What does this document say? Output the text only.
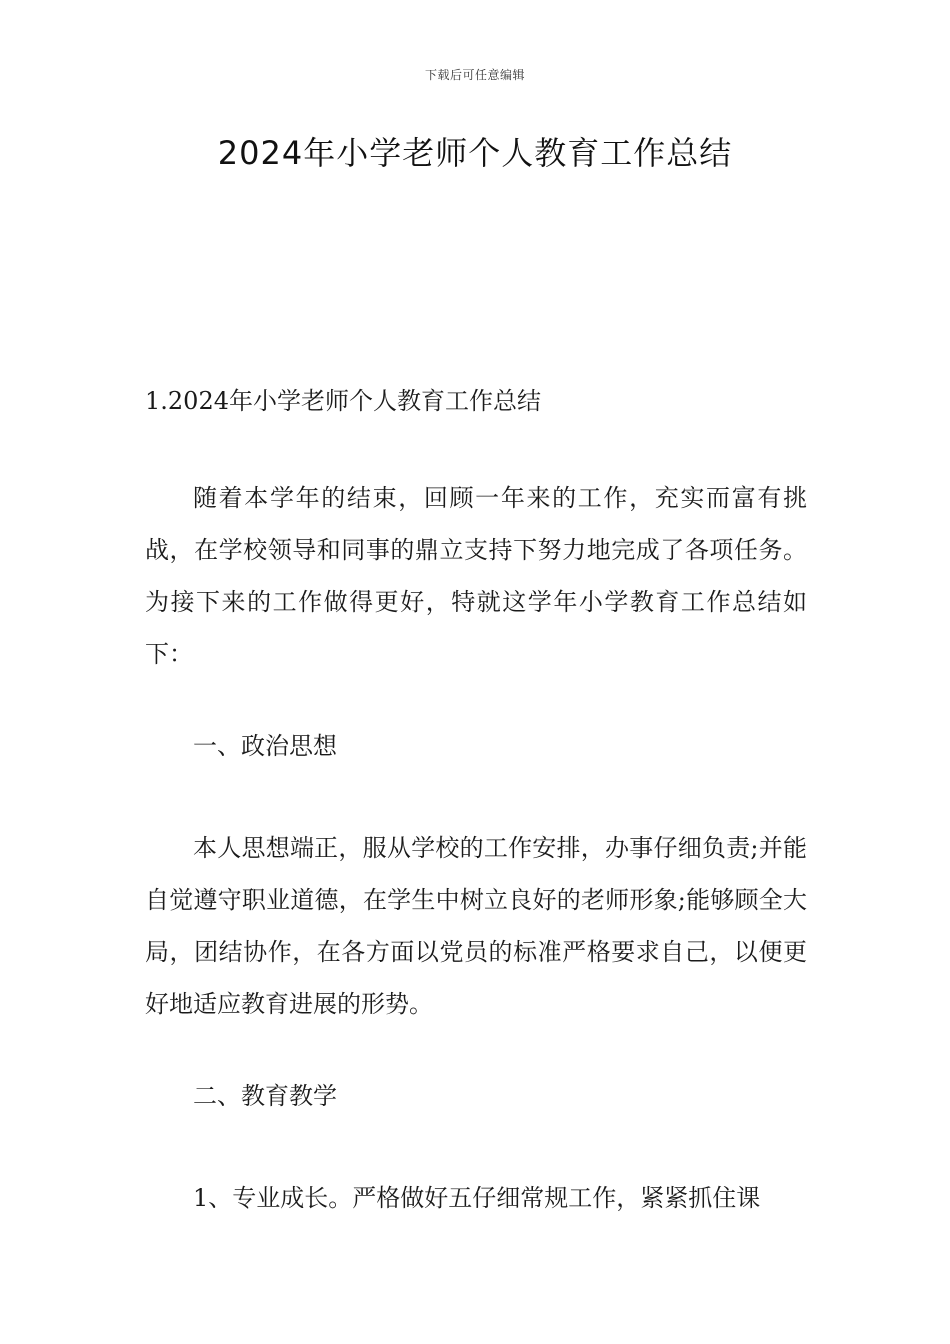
下载后可任意编辑
2024年小学老师个人教育工作总结

1.2024年小学老师个人教育工作总结

随着本学年的结束，回顾一年来的工作，充实而富有挑战，在学校领导和同事的鼎立支持下努力地完成了各项任务。为接下来的工作做得更好，特就这学年小学教育工作总结如下：

一、政治思想

本人思想端正，服从学校的工作安排，办事仔细负责;并能自觉遵守职业道德，在学生中树立良好的老师形象;能够顾全大局，团结协作，在各方面以党员的标准严格要求自己，以便更好地适应教育进展的形势。

二、教育教学

1、专业成长。严格做好五仔细常规工作，紧紧抓住课
